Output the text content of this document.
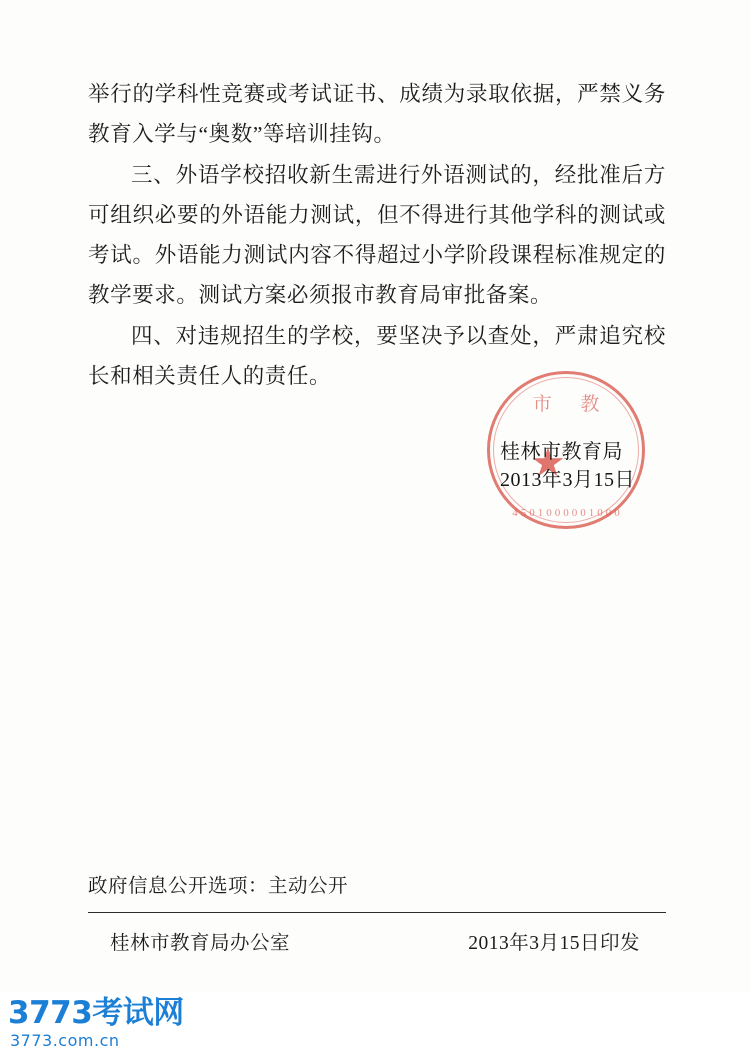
举行的学科性竞赛或考试证书、成绩为录取依据，严禁义务教育入学与“奥数”等培训挂钩。

三、外语学校招收新生需进行外语测试的，经批准后方可组织必要的外语能力测试，但不得进行其他学科的测试或考试。外语能力测试内容不得超过小学阶段课程标准规定的教学要求。测试方案必须报市教育局审批备案。

四、对违规招生的学校，要坚决予以查处，严肃追究校长和相关责任人的责任。

市 教
4501000001000
桂林市教育局
2013年3月15日
政府信息公开选项：主动公开
桂林市教育局办公室	2013年3月15日印发
3773考试网
3773.com.cn
